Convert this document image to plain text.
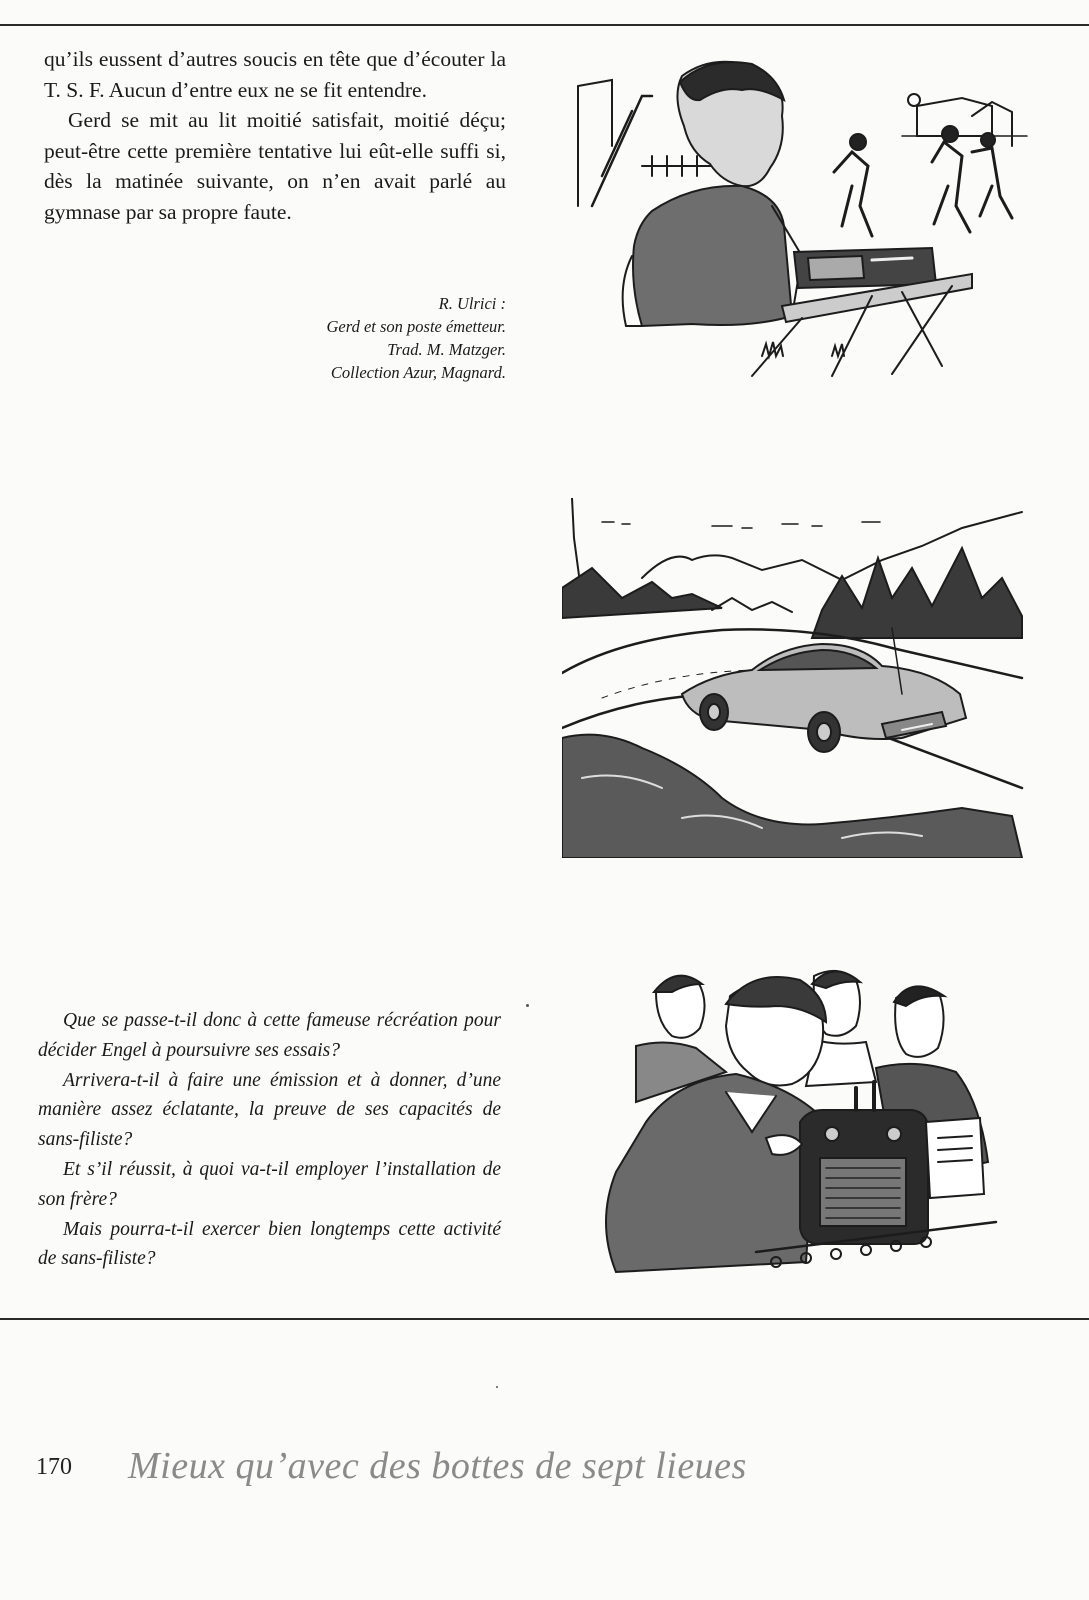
qu’ils eussent d’autres soucis en tête que d’écouter la T. S. F. Aucun d’entre eux ne se fit entendre.

Gerd se mit au lit moitié satisfait, moitié déçu; peut-être cette première tentative lui eût-elle suffi si, dès la matinée suivante, on n’en avait parlé au gymnase par sa propre faute.

R. Ulrici :
Gerd et son poste émetteur.
Trad. M. Matzger.
Collection Azur, Magnard.

Que se passe-t-il donc à cette fameuse récréation pour décider Engel à poursuivre ses essais?

Arrivera-t-il à faire une émission et à donner, d’une manière assez éclatante, la preuve de ses capacités de sans-filiste?

Et s’il réussit, à quoi va-t-il employer l’installation de son frère?

Mais pourra-t-il exercer bien longtemps cette activité de sans-filiste?

170 Mieux qu’avec des bottes de sept lieues
